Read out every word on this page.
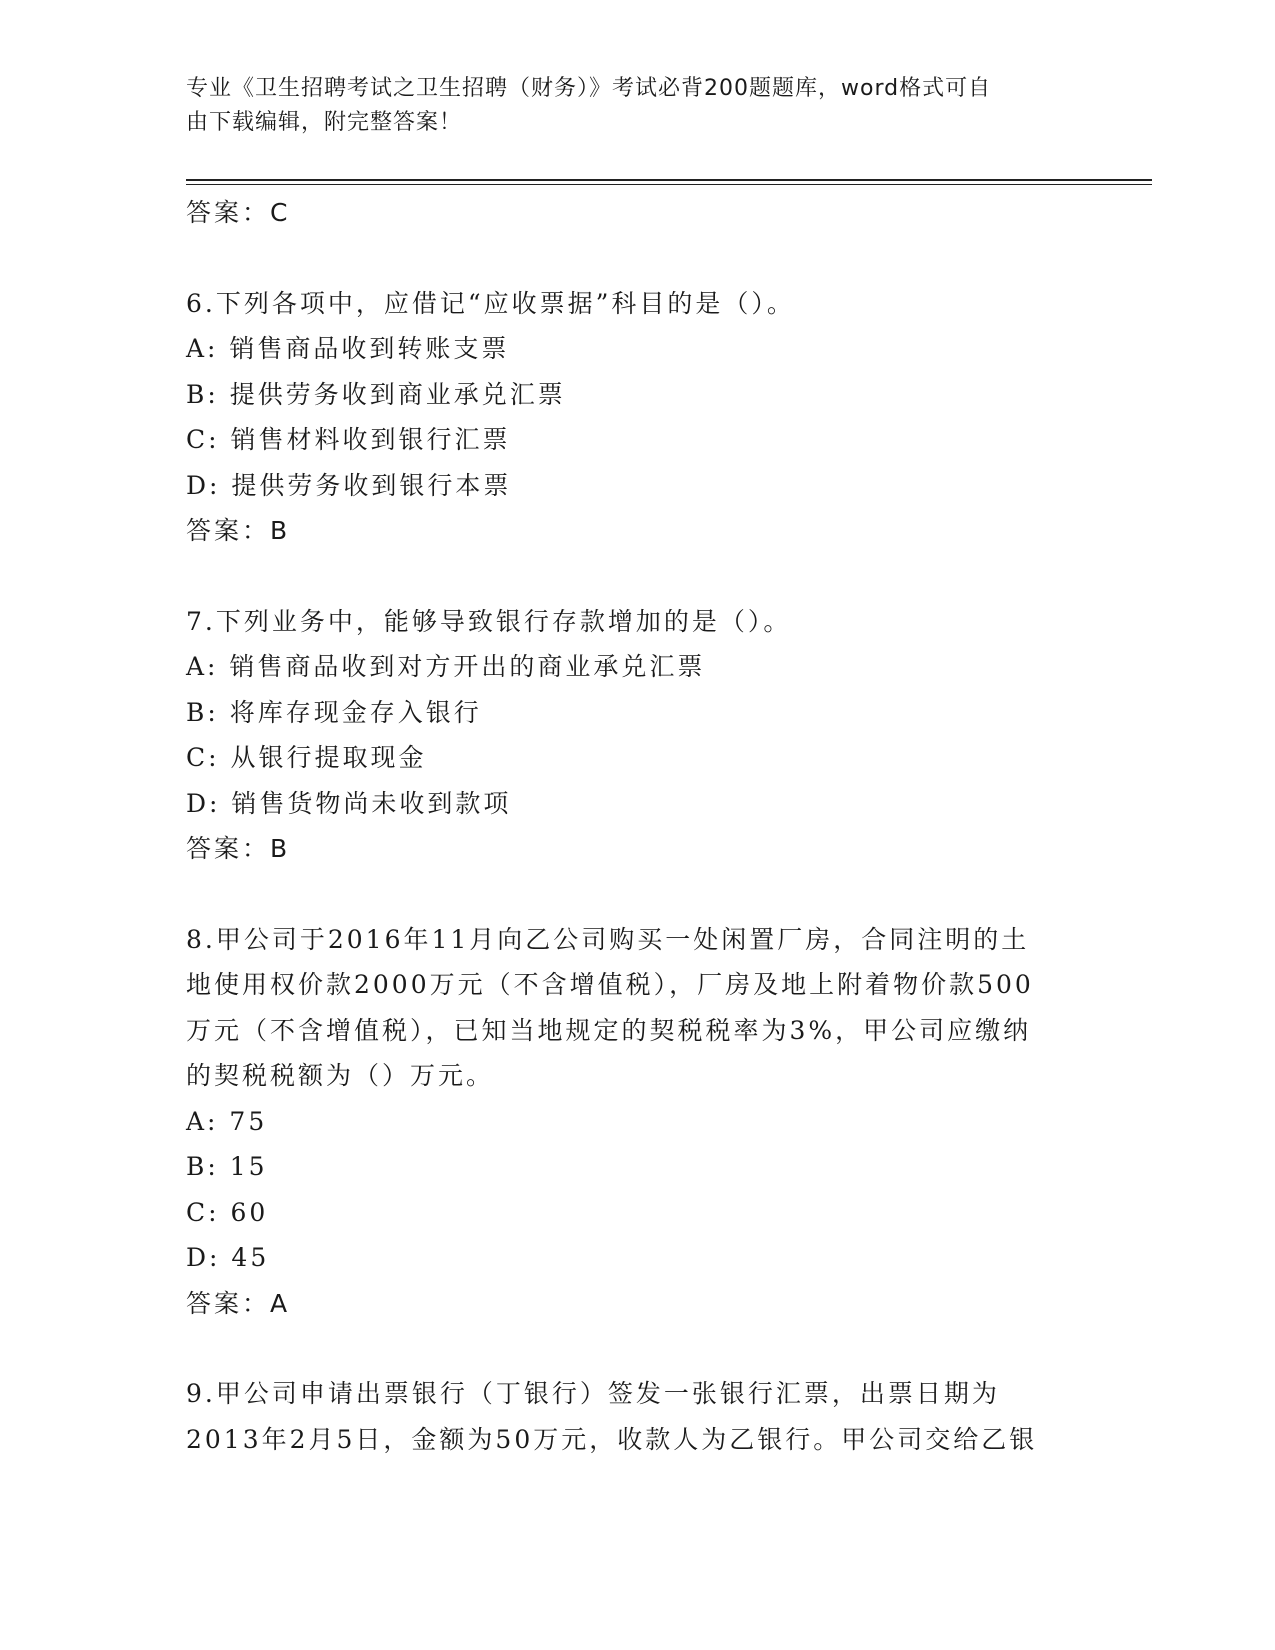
专业《卫生招聘考试之卫生招聘（财务）》考试必背200题题库，word格式可自
由下载编辑，附完整答案！
答案：C
6.下列各项中，应借记“应收票据”科目的是（）。
A: 销售商品收到转账支票
B: 提供劳务收到商业承兑汇票
C: 销售材料收到银行汇票
D: 提供劳务收到银行本票
答案：B
7.下列业务中，能够导致银行存款增加的是（）。
A: 销售商品收到对方开出的商业承兑汇票
B: 将库存现金存入银行
C: 从银行提取现金
D: 销售货物尚未收到款项
答案：B
8.甲公司于2016年11月向乙公司购买一处闲置厂房，合同注明的土
地使用权价款2000万元（不含增值税），厂房及地上附着物价款500
万元（不含增值税），已知当地规定的契税税率为3%，甲公司应缴纳
的契税税额为（）万元。
A: 75
B: 15
C: 60
D: 45
答案：A
9.甲公司申请出票银行（丁银行）签发一张银行汇票，出票日期为
2013年2月5日，金额为50万元，收款人为乙银行。甲公司交给乙银
